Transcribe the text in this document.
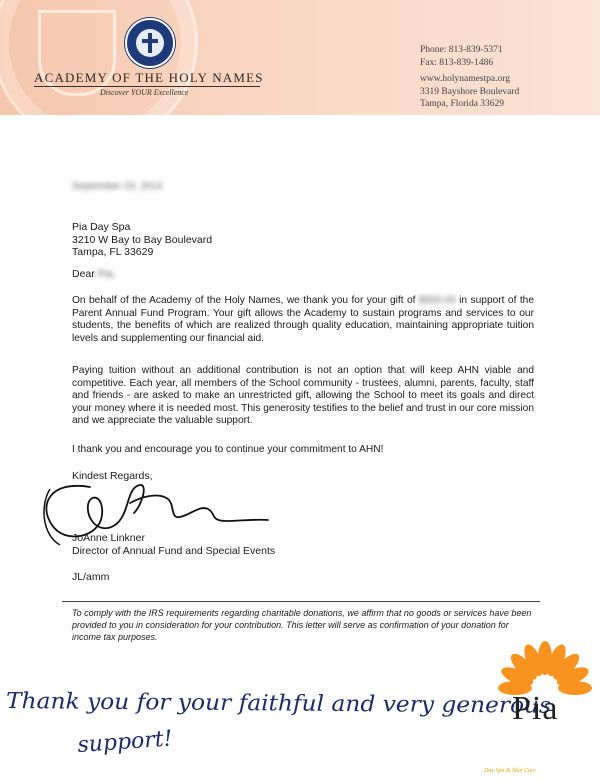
ACADEMY OF THE HOLY NAMES
Discover YOUR Excellence
Phone: 813-839-5371
Fax: 813-839-1486
www.holynamestpa.org
3319 Bayshore Boulevard
Tampa, Florida 33629
September 23, 2014
Pia Day Spa
3210 W Bay to Bay Boulevard
Tampa, FL 33629
Dear Pia,
On behalf of the Academy of the Holy Names, we thank you for your gift of $500.00 in support of the Parent Annual Fund Program. Your gift allows the Academy to sustain programs and services to our students, the benefits of which are realized through quality education, maintaining appropriate tuition levels and supplementing our financial aid.
Paying tuition without an additional contribution is not an option that will keep AHN viable and competitive. Each year, all members of the School community - trustees, alumni, parents, faculty, staff and friends - are asked to make an unrestricted gift, allowing the School to meet its goals and direct your money where it is needed most. This generosity testifies to the belief and trust in our core mission and we appreciate the valuable support.
I thank you and encourage you to continue your commitment to AHN!
Kindest Regards,
JoAnne Linkner
Director of Annual Fund and Special Events
JL/amm
To comply with the IRS requirements regarding charitable donations, we affirm that no goods or services have been provided to you in consideration for your contribution. This letter will serve as confirmation of your donation for income tax purposes.
Thank you for your faithful and very generous
support!
Pia
Day Spa & Skin Care
